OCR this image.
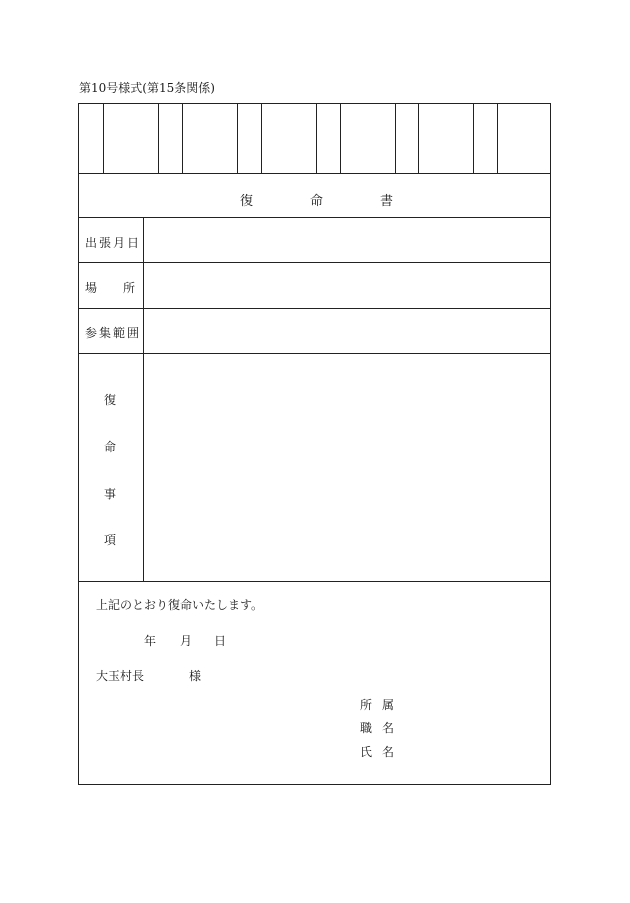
第10号様式(第15条関係)
復	命	書
出張月日
場 所
参集範囲
復
命
事
項
上記のとおり復命いたします。
年 月 日
大玉村長	様
所 属
職 名
氏 名
